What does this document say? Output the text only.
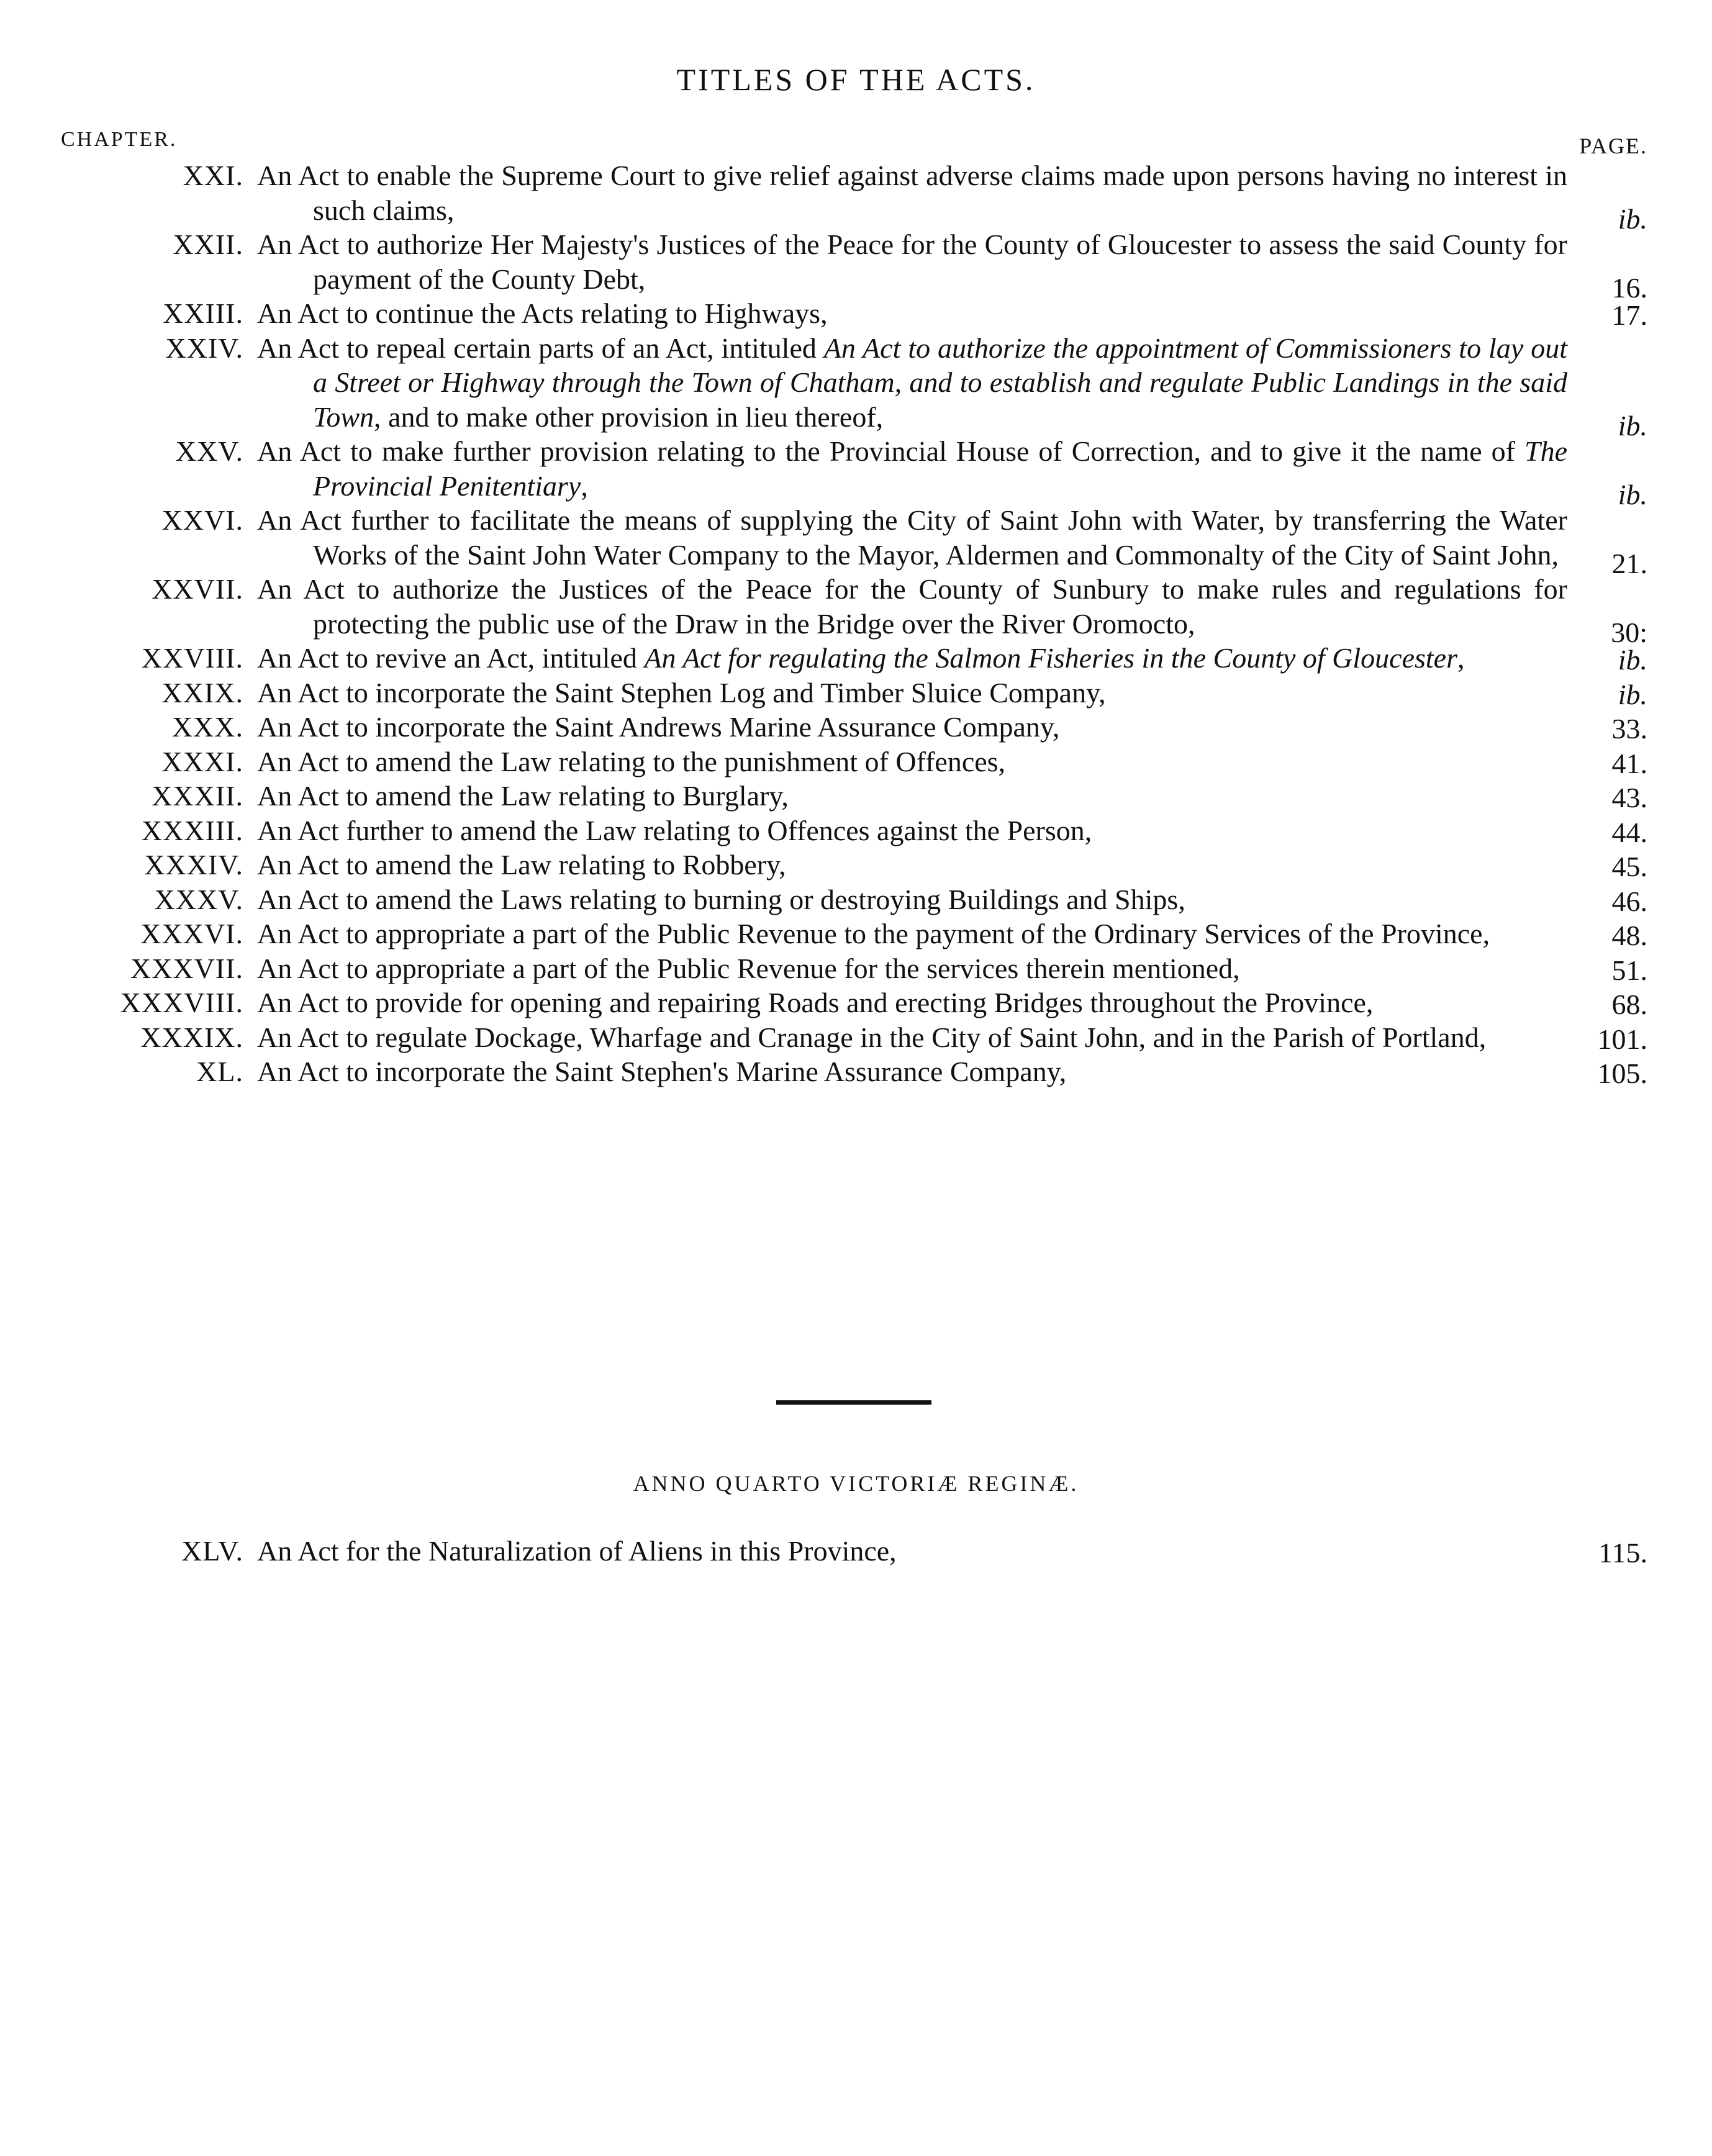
TITLES OF THE ACTS.
CHAPTER.	PAGE.
XXI. An Act to enable the Supreme Court to give relief against adverse claims made upon persons having no interest in such claims,	ib.
XXII. An Act to authorize Her Majesty's Justices of the Peace for the County of Gloucester to assess the said County for payment of the County Debt,	16.
XXIII. An Act to continue the Acts relating to Highways,	17.
XXIV. An Act to repeal certain parts of an Act, intituled An Act to authorize the appointment of Commissioners to lay out a Street or Highway through the Town of Chatham, and to establish and regulate Public Landings in the said Town, and to make other provision in lieu thereof,	ib.
XXV. An Act to make further provision relating to the Provincial House of Correction, and to give it the name of The Provincial Penitentiary,	ib.
XXVI. An Act further to facilitate the means of supplying the City of Saint John with Water, by transferring the Water Works of the Saint John Water Company to the Mayor, Aldermen and Commonalty of the City of Saint John,	21.
XXVII. An Act to authorize the Justices of the Peace for the County of Sunbury to make rules and regulations for protecting the public use of the Draw in the Bridge over the River Oromocto,	30:
XXVIII. An Act to revive an Act, intituled An Act for regulating the Salmon Fisheries in the County of Gloucester,	ib.
XXIX. An Act to incorporate the Saint Stephen Log and Timber Sluice Company,	ib.
XXX. An Act to incorporate the Saint Andrews Marine Assurance Company,	33.
XXXI. An Act to amend the Law relating to the punishment of Offences,	41.
XXXII. An Act to amend the Law relating to Burglary,	43.
XXXIII. An Act further to amend the Law relating to Offences against the Person,	44.
XXXIV. An Act to amend the Law relating to Robbery,	45.
XXXV. An Act to amend the Laws relating to burning or destroying Buildings and Ships,	46.
XXXVI. An Act to appropriate a part of the Public Revenue to the payment of the Ordinary Services of the Province,	48.
XXXVII. An Act to appropriate a part of the Public Revenue for the services therein mentioned,	51.
XXXVIII. An Act to provide for opening and repairing Roads and erecting Bridges throughout the Province,	68.
XXXIX. An Act to regulate Dockage, Wharfage and Cranage in the City of Saint John, and in the Parish of Portland,	101.
XL. An Act to incorporate the Saint Stephen's Marine Assurance Company,	105.
ANNO QUARTO VICTORIÆ REGINÆ.
XLV. An Act for the Naturalization of Aliens in this Province,	115.
